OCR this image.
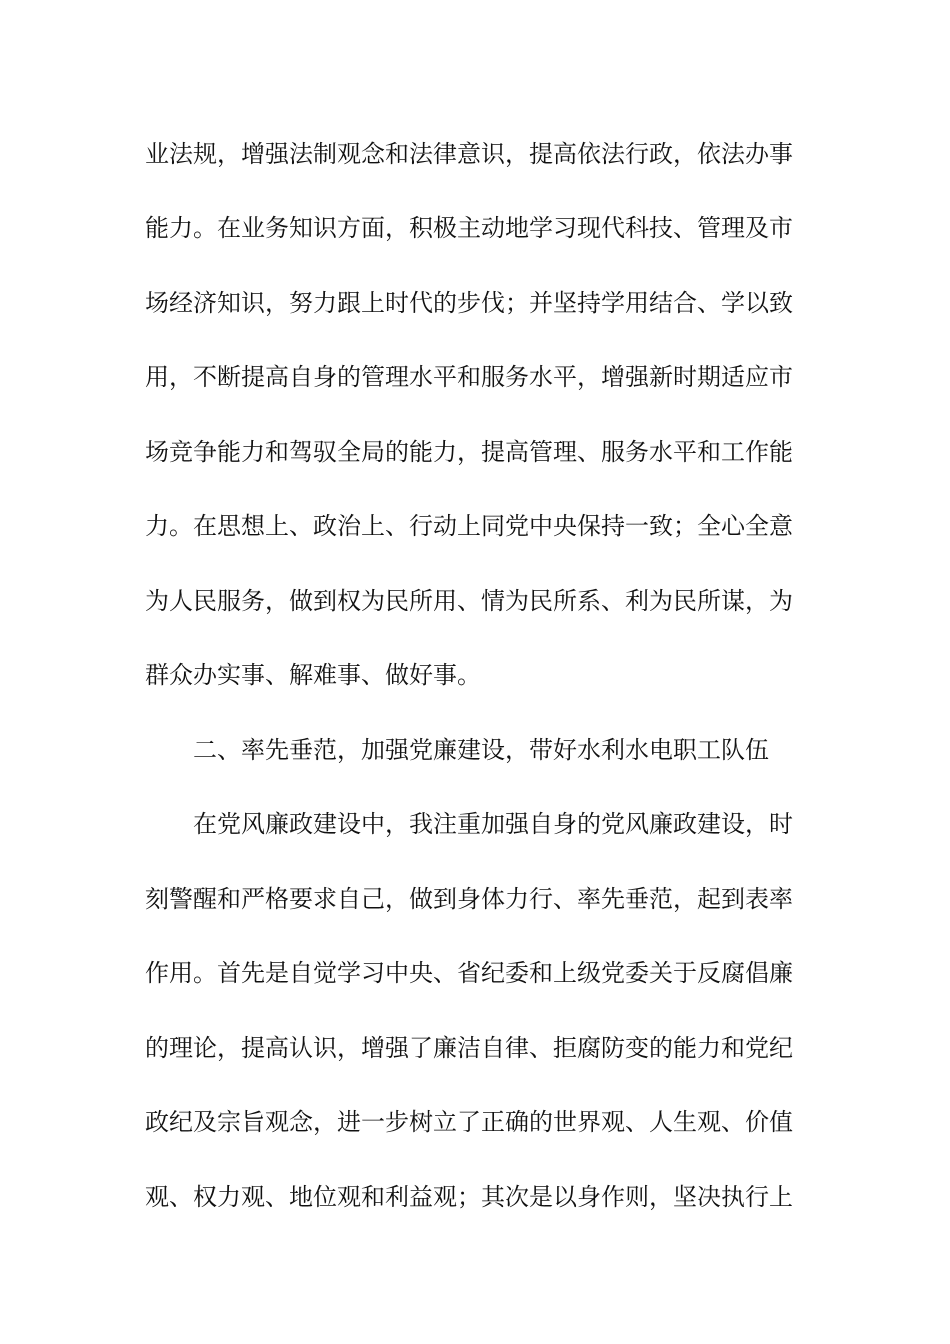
业法规，增强法制观念和法律意识，提高依法行政，依法办事
能力。在业务知识方面，积极主动地学习现代科技、管理及市
场经济知识，努力跟上时代的步伐；并坚持学用结合、学以致
用，不断提高自身的管理水平和服务水平，增强新时期适应市
场竞争能力和驾驭全局的能力，提高管理、服务水平和工作能
力。在思想上、政治上、行动上同党中央保持一致；全心全意
为人民服务，做到权为民所用、情为民所系、利为民所谋，为
群众办实事、解难事、做好事。
二、率先垂范，加强党廉建设，带好水利水电职工队伍
在党风廉政建设中，我注重加强自身的党风廉政建设，时
刻警醒和严格要求自己，做到身体力行、率先垂范，起到表率
作用。首先是自觉学习中央、省纪委和上级党委关于反腐倡廉
的理论，提高认识，增强了廉洁自律、拒腐防变的能力和党纪
政纪及宗旨观念，进一步树立了正确的世界观、人生观、价值
观、权力观、地位观和利益观；其次是以身作则，坚决执行上
